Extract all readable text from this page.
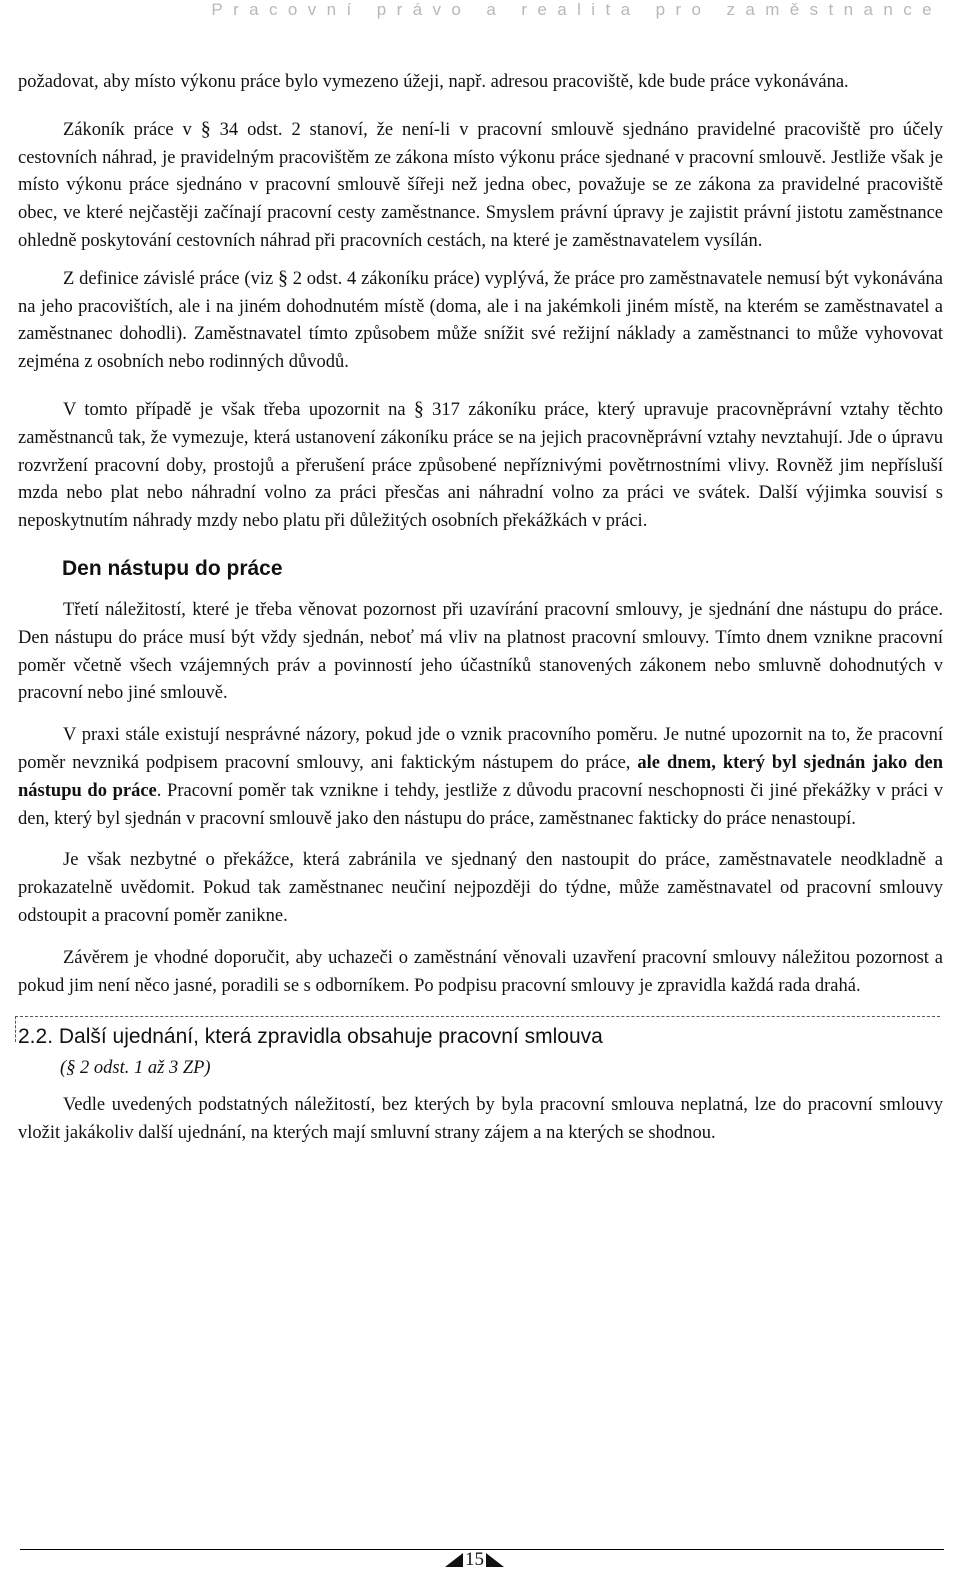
Pracovní právo a realita pro zaměstnance

požadovat, aby místo výkonu práce bylo vymezeno úžeji, např. adresou pracoviště, kde bude práce vykonávána.

Zákoník práce v § 34 odst. 2 stanoví, že není-li v pracovní smlouvě sjednáno pravidelné pracoviště pro účely cestovních náhrad, je pravidelným pracovištěm ze zákona místo výkonu práce sjednané v pracovní smlouvě. Jestliže však je místo výkonu práce sjednáno v pracovní smlouvě šířeji než jedna obec, považuje se ze zákona za pravidelné pracoviště obec, ve které nejčastěji začínají pracovní cesty zaměstnance. Smyslem právní úpravy je zajistit právní jistotu zaměstnance ohledně poskytování cestovních náhrad při pracovních cestách, na které je zaměstnavatelem vysílán.

Z definice závislé práce (viz § 2 odst. 4 zákoníku práce) vyplývá, že práce pro zaměstnavatele nemusí být vykonávána na jeho pracovištích, ale i na jiném dohodnutém místě (doma, ale i na jakémkoli jiném místě, na kterém se zaměstnavatel a zaměstnanec dohodli). Zaměstnavatel tímto způsobem může snížit své režijní náklady a zaměstnanci to může vyhovovat zejména z osobních nebo rodinných důvodů.

V tomto případě je však třeba upozornit na § 317 zákoníku práce, který upravuje pracovněprávní vztahy těchto zaměstnanců tak, že vymezuje, která ustanovení zákoníku práce se na jejich pracovněprávní vztahy nevztahují. Jde o úpravu rozvržení pracovní doby, prostojů a přerušení práce způsobené nepříznivými povětrnostními vlivy. Rovněž jim nepřísluší mzda nebo plat nebo náhradní volno za práci přesčas ani náhradní volno za práci ve svátek. Další výjimka souvisí s neposkytnutím náhrady mzdy nebo platu při důležitých osobních překážkách v práci.

Den nástupu do práce

Třetí náležitostí, které je třeba věnovat pozornost při uzavírání pracovní smlouvy, je sjednání dne nástupu do práce. Den nástupu do práce musí být vždy sjednán, neboť má vliv na platnost pracovní smlouvy. Tímto dnem vznikne pracovní poměr včetně všech vzájemných práv a povinností jeho účastníků stanovených zákonem nebo smluvně dohodnutých v pracovní nebo jiné smlouvě.

V praxi stále existují nesprávné názory, pokud jde o vznik pracovního poměru. Je nutné upozornit na to, že pracovní poměr nevzniká podpisem pracovní smlouvy, ani faktickým nástupem do práce, ale dnem, který byl sjednán jako den nástupu do práce. Pracovní poměr tak vznikne i tehdy, jestliže z důvodu pracovní neschopnosti či jiné překážky v práci v den, který byl sjednán v pracovní smlouvě jako den nástupu do práce, zaměstnanec fakticky do práce nenastoupí.

Je však nezbytné o překážce, která zabránila ve sjednaný den nastoupit do práce, zaměstnavatele neodkladně a prokazatelně uvědomit. Pokud tak zaměstnanec neučiní nejpozději do týdne, může zaměstnavatel od pracovní smlouvy odstoupit a pracovní poměr zanikne.

Závěrem je vhodné doporučit, aby uchazeči o zaměstnání věnovali uzavření pracovní smlouvy náležitou pozornost a pokud jim není něco jasné, poradili se s odborníkem. Po podpisu pracovní smlouvy je zpravidla každá rada drahá.

2.2. Další ujednání, která zpravidla obsahuje pracovní smlouva
(§ 2 odst. 1 až 3 ZP)

Vedle uvedených podstatných náležitostí, bez kterých by byla pracovní smlouva neplatná, lze do pracovní smlouvy vložit jakákoliv další ujednání, na kterých mají smluvní strany zájem a na kterých se shodnou.

15
